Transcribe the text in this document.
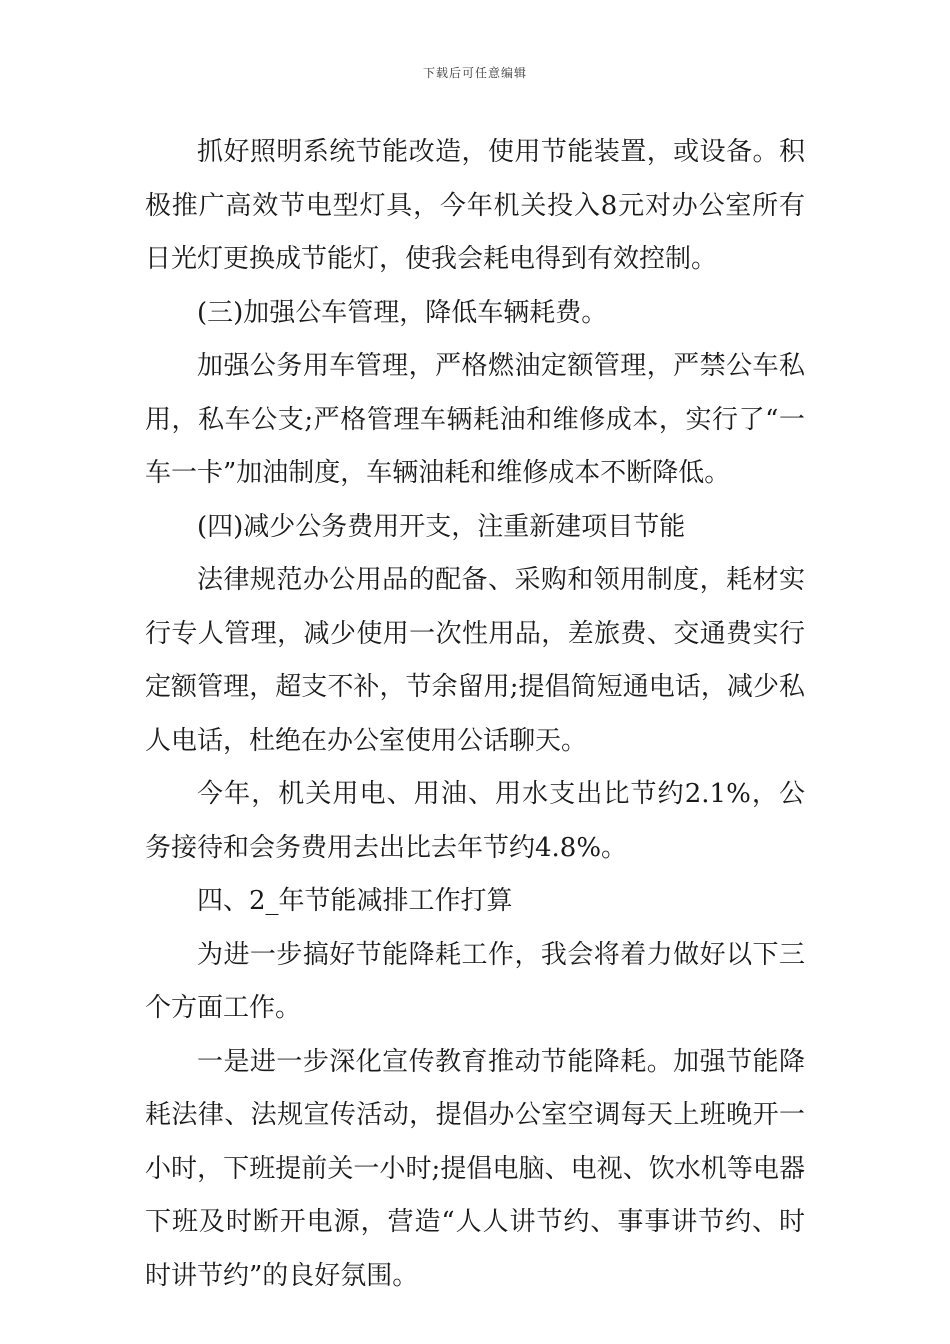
下载后可任意编辑

抓好照明系统节能改造，使用节能装置，或设备。积极推广高效节电型灯具，今年机关投入8元对办公室所有日光灯更换成节能灯，使我会耗电得到有效控制。

(三)加强公车管理，降低车辆耗费。

加强公务用车管理，严格燃油定额管理，严禁公车私用，私车公支;严格管理车辆耗油和维修成本，实行了“一车一卡”加油制度，车辆油耗和维修成本不断降低。

(四)减少公务费用开支，注重新建项目节能

法律规范办公用品的配备、采购和领用制度，耗材实行专人管理，减少使用一次性用品，差旅费、交通费实行定额管理，超支不补，节余留用;提倡简短通电话，减少私人电话，杜绝在办公室使用公话聊天。

今年，机关用电、用油、用水支出比节约2.1%，公务接待和会务费用去出比去年节约4.8%。

四、2_年节能减排工作打算

为进一步搞好节能降耗工作，我会将着力做好以下三个方面工作。

一是进一步深化宣传教育推动节能降耗。加强节能降耗法律、法规宣传活动，提倡办公室空调每天上班晚开一小时，下班提前关一小时;提倡电脑、电视、饮水机等电器下班及时断开电源，营造“人人讲节约、事事讲节约、时时讲节约”的良好氛围。
